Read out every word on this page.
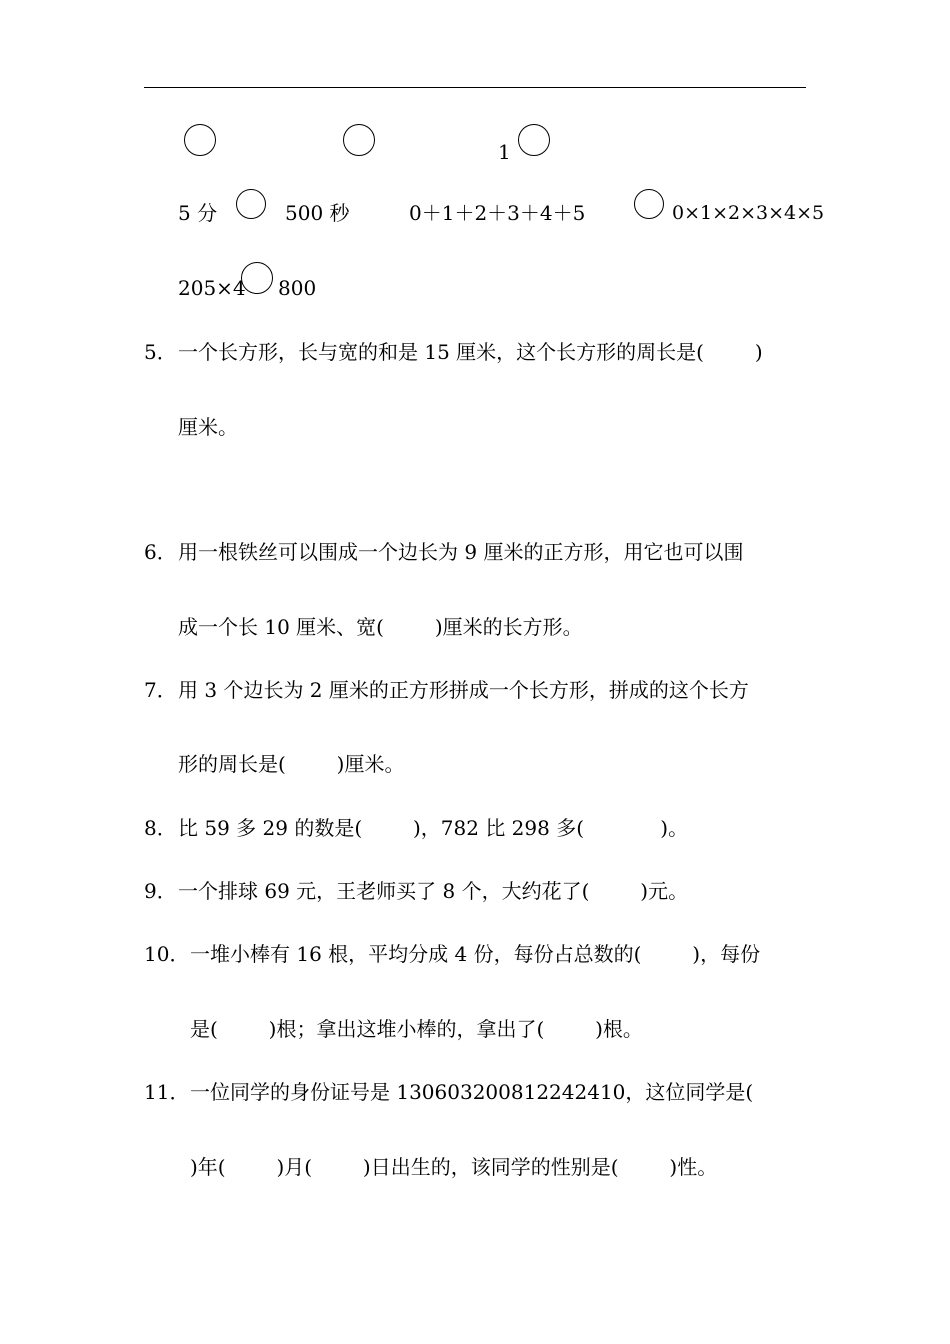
1
5 分	500 秒	0＋1＋2＋3＋4＋5	0×1×2×3×4×5
205×4 800
5． 一个长方形，长与宽的和是 15 厘米，这个长方形的周长是(        )
厘米。
6． 用一根铁丝可以围成一个边长为 9 厘米的正方形，用它也可以围
成一个长 10 厘米、宽(        )厘米的长方形。
7． 用 3 个边长为 2 厘米的正方形拼成一个长方形，拼成的这个长方
形的周长是(        )厘米。
8． 比 59 多 29 的数是(        )，782 比 298 多(            )。
9． 一个排球 69 元，王老师买了 8 个，大约花了(        )元。
10． 一堆小棒有 16 根，平均分成 4 份，每份占总数的(        )，每份
是(        )根；拿出这堆小棒的，拿出了(        )根。
11． 一位同学的身份证号是 130603200812242410，这位同学是(
)年(        )月(        )日出生的，该同学的性别是(        )性。
